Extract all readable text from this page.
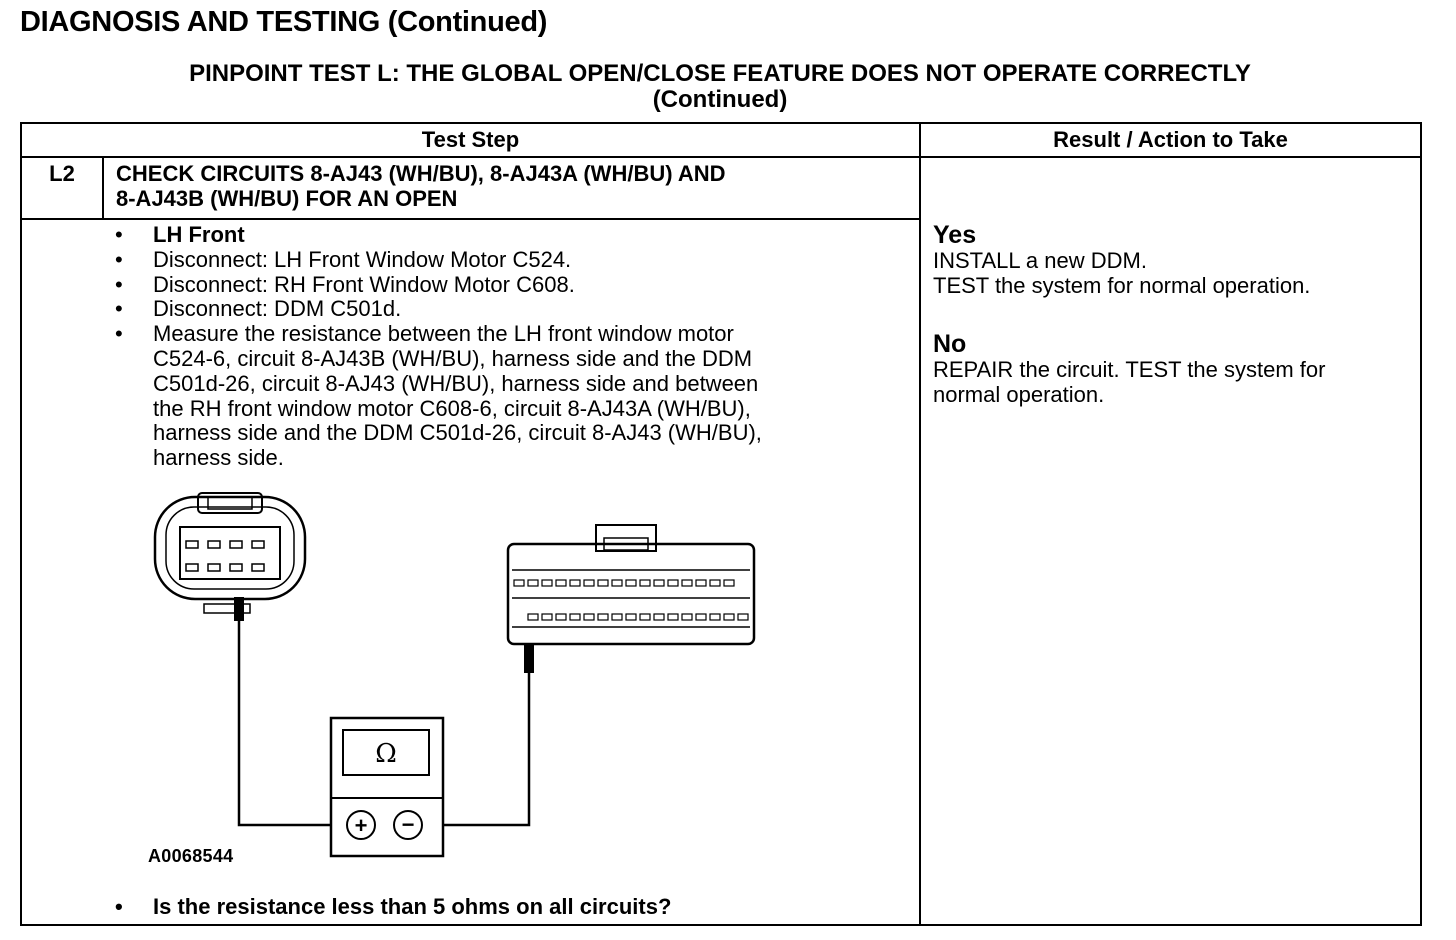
DIAGNOSIS AND TESTING (Continued)
PINPOINT TEST L: THE GLOBAL OPEN/CLOSE FEATURE DOES NOT OPERATE CORRECTLY
(Continued)
Test Step	Result / Action to Take
L2	CHECK CIRCUITS 8-AJ43 (WH/BU), 8-AJ43A (WH/BU) AND
8-AJ43B (WH/BU) FOR AN OPEN
• LH Front
• Disconnect: LH Front Window Motor C524.
• Disconnect: RH Front Window Motor C608.
• Disconnect: DDM C501d.
• Measure the resistance between the LH front window motor
C524-6, circuit 8-AJ43B (WH/BU), harness side and the DDM
C501d-26, circuit 8-AJ43 (WH/BU), harness side and between
the RH front window motor C608-6, circuit 8-AJ43A (WH/BU),
harness side and the DDM C501d-26, circuit 8-AJ43 (WH/BU),
harness side.
Ω
+ −
A0068544
• Is the resistance less than 5 ohms on all circuits?
Yes
INSTALL a new DDM.
TEST the system for normal operation.
No
REPAIR the circuit. TEST the system for
normal operation.
